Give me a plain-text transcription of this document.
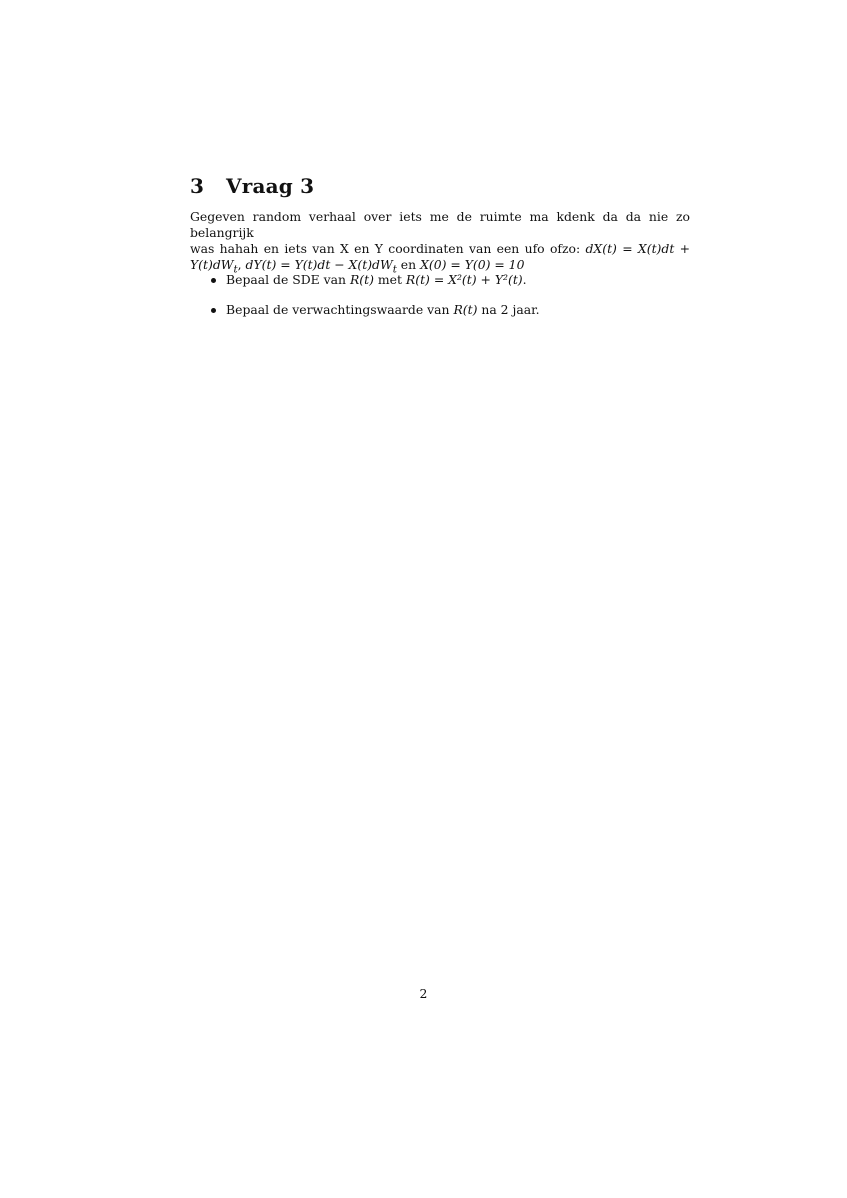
3 Vraag 3
Gegeven random verhaal over iets me de ruimte ma kdenk da da nie zo belangrijk
was hahah en iets van X en Y coordinaten van een ufo ofzo: dX(t) = X(t)dt +
$Y(t)dW_t$, $dY(t) = Y(t)dt - X(t)dW_t$ en X(0) = Y(0) = 10
Bepaal de SDE van R(t) met R(t) = X²(t) + Y²(t).
Bepaal de verwachtingswaarde van R(t) na 2 jaar.
2
